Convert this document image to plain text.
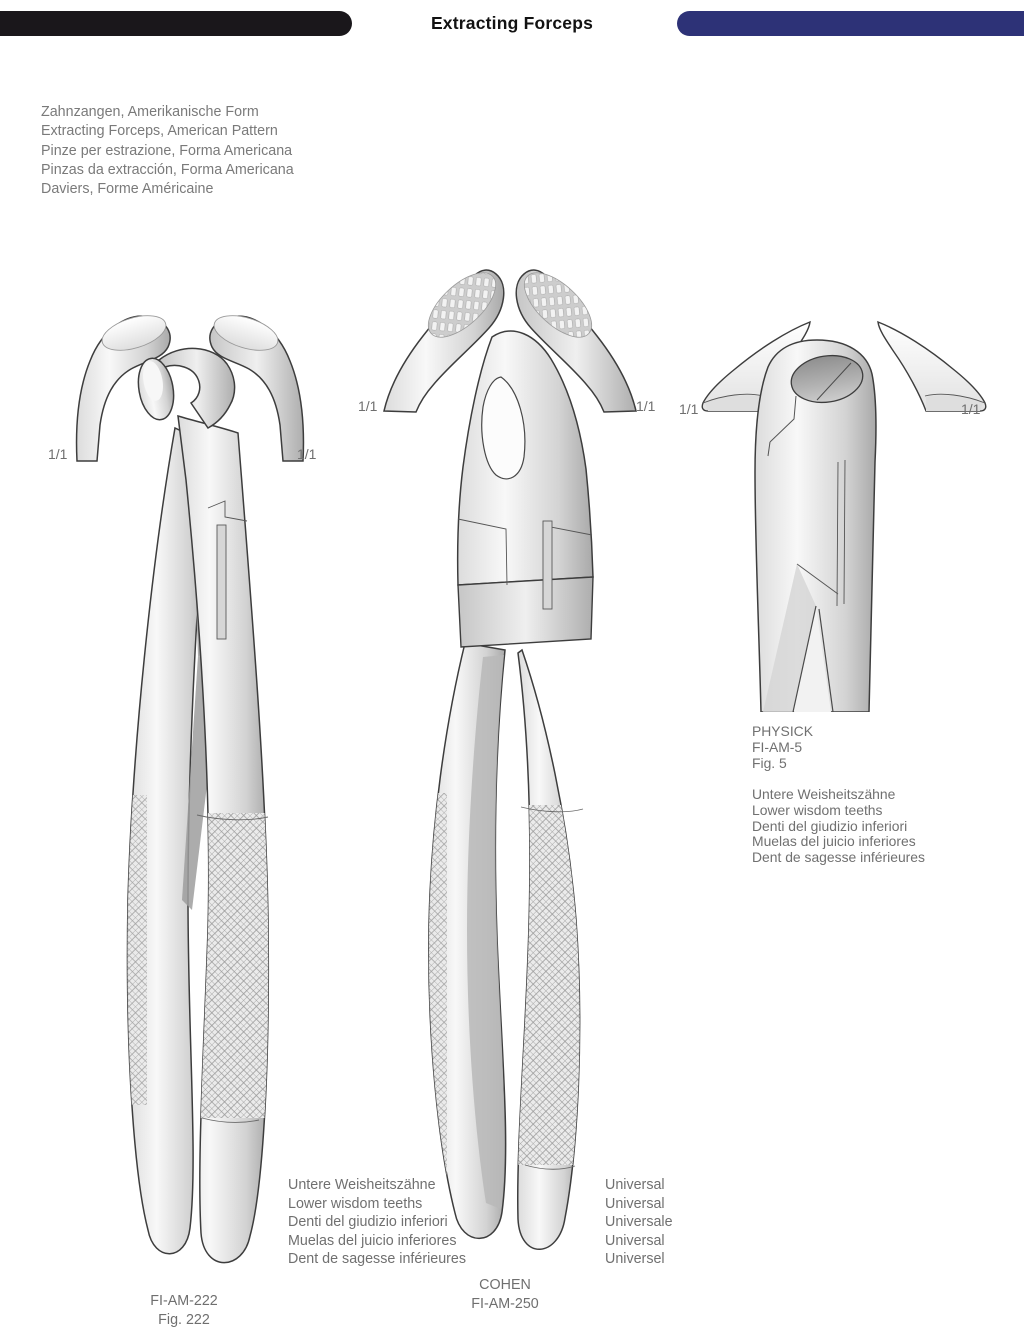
Extracting Forceps
Zahnzangen, Amerikanische Form
Extracting Forceps, American Pattern
Pinze per estrazione, Forma Americana
Pinzas da extracción, Forma Americana
Daviers, Forme Américaine
1/1	1/1
1/1	1/1 1/1	1/1
PHYSICK
FI-AM-5
Fig. 5
Untere Weisheitszähne
Lower wisdom teeths
Denti del giudizio inferiori
Muelas del juicio inferiores
Dent de sagesse inférieures
Untere Weisheitszähne
Lower wisdom teeths
Denti del giudizio inferiori
Muelas del juicio inferiores
Dent de sagesse inférieures
Universal
Universal
Universale
Universal
Universel
FI-AM-222
Fig. 222
COHEN
FI-AM-250
